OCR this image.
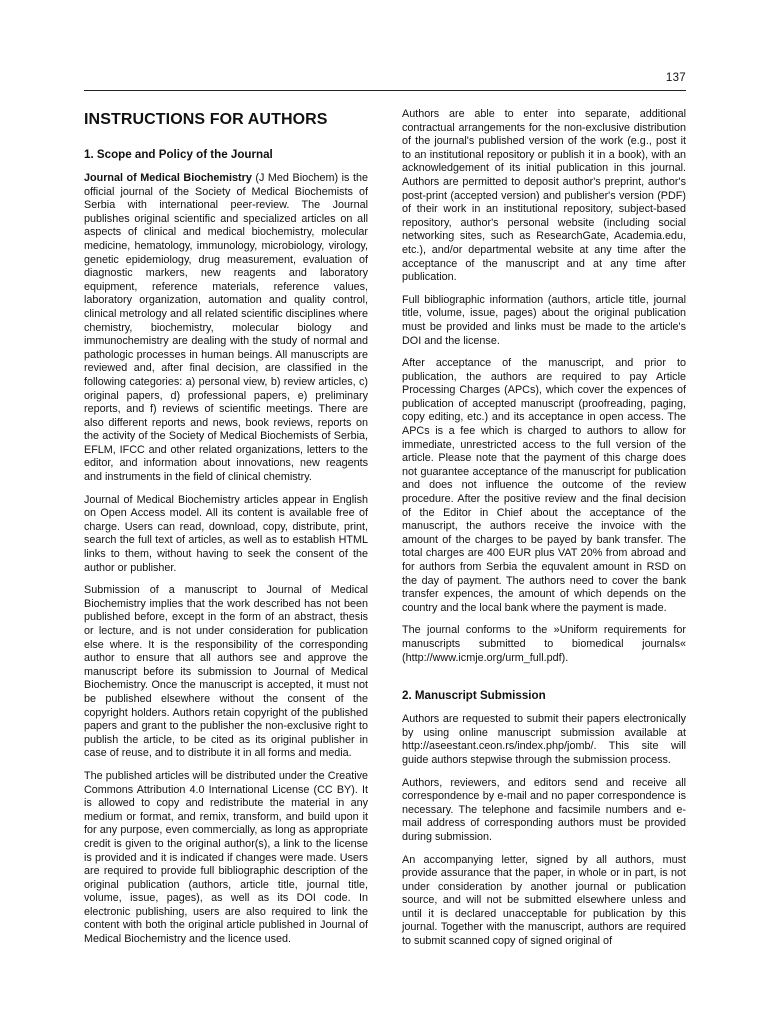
137
INSTRUCTIONS FOR AUTHORS
1. Scope and Policy of the Journal

Journal of Medical Biochemistry (J Med Biochem) is the official journal of the Society of Medical Biochemists of Serbia with international peer-review. The Journal publishes original scientific and specialized articles on all aspects of clinical and medical biochemistry, molecular medicine, hematology, immunology, microbiology, virology, genetic epidemiology, drug measurement, evaluation of diagnostic markers, new reagents and laboratory equipment, reference materials, reference values, laboratory organization, automation and quality control, clinical metrology and all related scientific disciplines where chemistry, biochemistry, molecular biology and immunochemistry are dealing with the study of normal and pathologic processes in human beings. All manuscripts are reviewed and, after final decision, are classified in the following categories: a) personal view, b) review articles, c) original papers, d) professional papers, e) preliminary reports, and f) reviews of scientific meetings. There are also different reports and news, book reviews, reports on the activity of the Society of Medical Biochemists of Serbia, EFLM, IFCC and other related organizations, letters to the editor, and information about innovations, new reagents and instruments in the field of clinical chemistry.

Journal of Medical Biochemistry articles appear in English on Open Access model. All its content is available free of charge. Users can read, download, copy, distribute, print, search the full text of articles, as well as to establish HTML links to them, without having to seek the consent of the author or publisher.

Submission of a manuscript to Journal of Medical Biochemistry implies that the work described has not been published before, except in the form of an abstract, thesis or lecture, and is not under consideration for publication else where. It is the responsibility of the corresponding author to ensure that all authors see and approve the manuscript before its submission to Journal of Medical Biochemistry. Once the manuscript is accepted, it must not be published elsewhere without the consent of the copyright holders. Authors retain copyright of the published papers and grant to the publisher the non-exclusive right to publish the article, to be cited as its original publisher in case of reuse, and to distribute it in all forms and media.

The published articles will be distributed under the Creative Commons Attribution 4.0 International License (CC BY). It is allowed to copy and redistribute the material in any medium or format, and remix, transform, and build upon it for any purpose, even commercially, as long as appropriate credit is given to the original author(s), a link to the license is provided and it is indicated if changes were made. Users are required to provide full bibliographic description of the original publication (authors, article title, journal title, volume, issue, pages), as well as its DOI code. In electronic publishing, users are also required to link the content with both the original article published in Journal of Medical Biochemistry and the licence used.

Authors are able to enter into separate, additional contractual arrangements for the non-exclusive distribution of the journal's published version of the work (e.g., post it to an institutional repository or publish it in a book), with an acknowledgement of its initial publication in this journal. Authors are permitted to deposit author's preprint, author's post-print (accepted version) and publisher's version (PDF) of their work in an institutional repository, subject-based repository, author's personal website (including social networking sites, such as ResearchGate, Academia.edu, etc.), and/or departmental website at any time after the acceptance of the manuscript and at any time after publication.

Full bibliographic information (authors, article title, journal title, volume, issue, pages) about the original publication must be provided and links must be made to the article's DOI and the license.

After acceptance of the manuscript, and prior to publication, the authors are required to pay Article Processing Charges (APCs), which cover the expences of publication of accepted manuscript (proofreading, paging, copy editing, etc.) and its acceptance in open access. The APCs is a fee which is charged to authors to allow for immediate, unrestricted access to the full version of the article. Please note that the payment of this charge does not guarantee acceptance of the manuscript for publication and does not influence the outcome of the review procedure. After the positive review and the final decision of the Editor in Chief about the acceptance of the manuscript, the authors receive the invoice with the amount of the charges to be payed by bank transfer. The total charges are 400 EUR plus VAT 20% from abroad and for authors from Serbia the equvalent amount in RSD on the day of payment. The authors need to cover the bank transfer expences, the amount of which depends on the country and the local bank where the payment is made.

The journal conforms to the »Uniform requirements for manuscripts submitted to biomedical journals« (http://www.icmje.org/urm_full.pdf).

2. Manuscript Submission

Authors are requested to submit their papers electronically by using online manuscript submission available at http://aseestant.ceon.rs/index.php/jomb/. This site will guide authors stepwise through the submission process.

Authors, reviewers, and editors send and receive all correspondence by e-mail and no paper correspondence is necessary. The telephone and facsimile numbers and e-mail address of corresponding authors must be provided during submission.

An accompanying letter, signed by all authors, must provide assurance that the paper, in whole or in part, is not under consideration by another journal or publication source, and will not be submitted elsewhere unless and until it is declared unacceptable for publication by this journal. Together with the manuscript, authors are required to submit scanned copy of signed original of
